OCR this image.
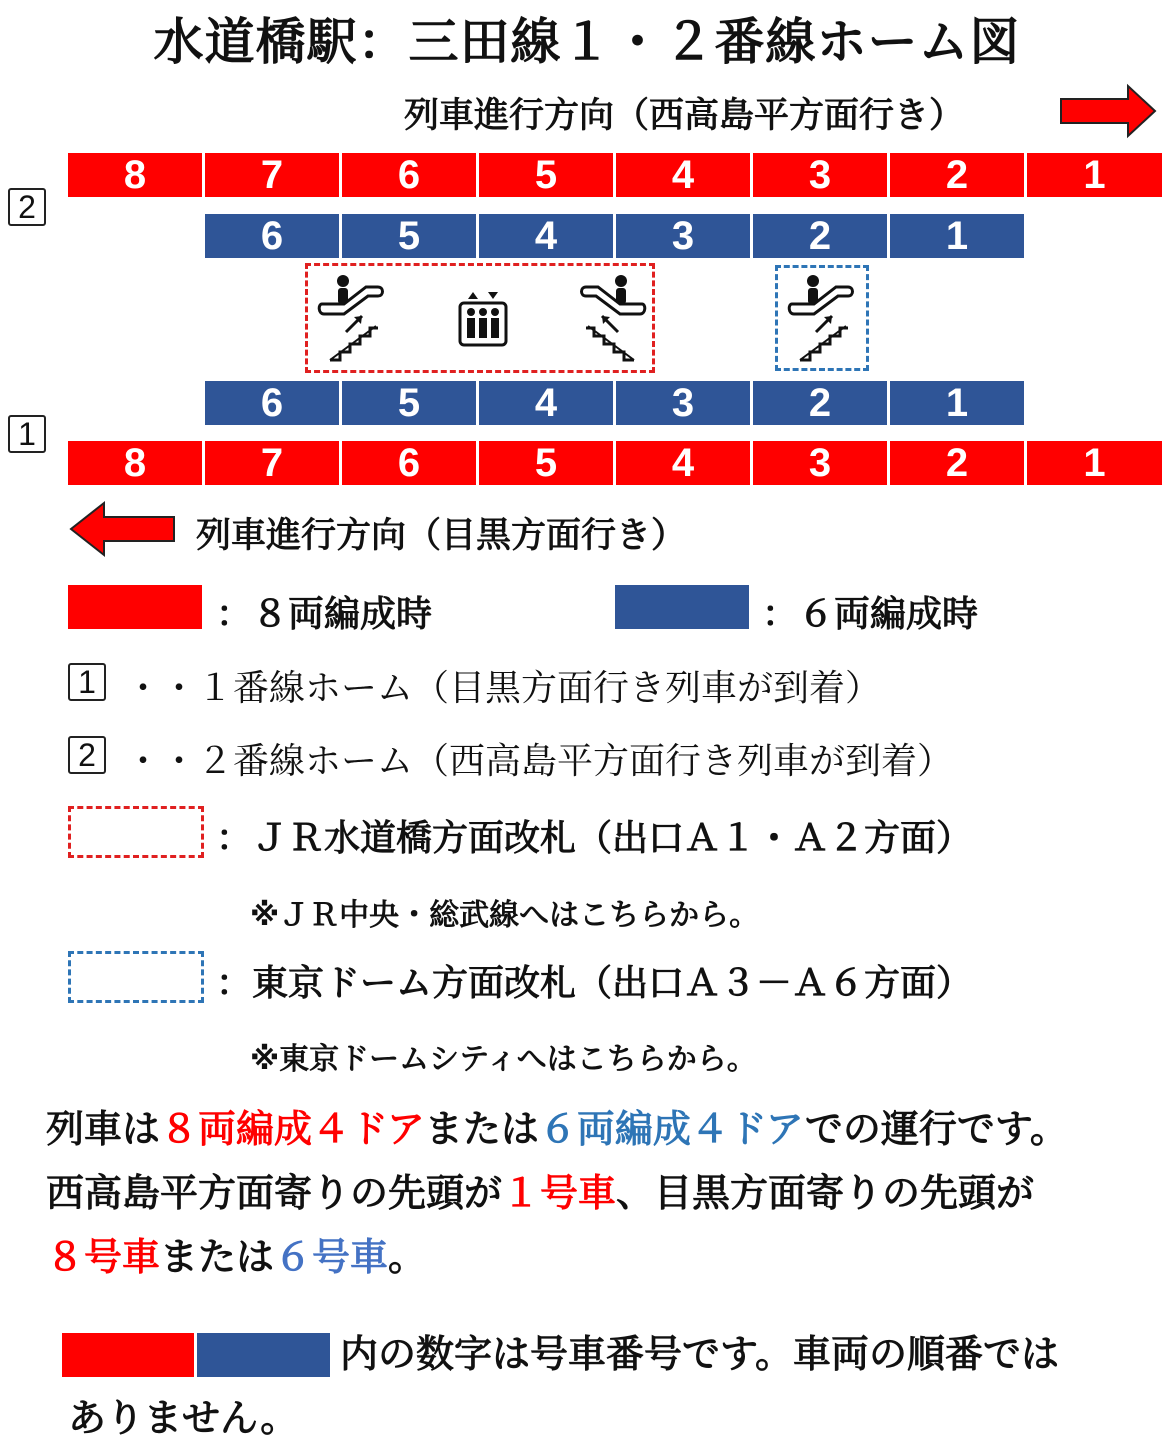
水道橋駅：三田線１・２番線ホーム図
列車進行方向（西高島平方面行き）
2
8	7	6	5	4	3	2	1
6	5	4	3	2	1
6	5	4	3	2	1
1
8	7	6	5	4	3	2	1
列車進行方向（目黒方面行き）
：８両編成時	：６両編成時
1 ・・１番線ホーム（目黒方面行き列車が到着）
2 ・・２番線ホーム（西高島平方面行き列車が到着）
：ＪＲ水道橋方面改札（出口Ａ１・Ａ２方面）
※ＪＲ中央・総武線へはこちらから。
：東京ドーム方面改札（出口Ａ３－Ａ６方面）
※東京ドームシティへはこちらから。
列車は８両編成４ドアまたは６両編成４ドアでの運行です。
西高島平方面寄りの先頭が１号車、目黒方面寄りの先頭が
８号車または６号車。
内の数字は号車番号です。車両の順番では
ありません。
